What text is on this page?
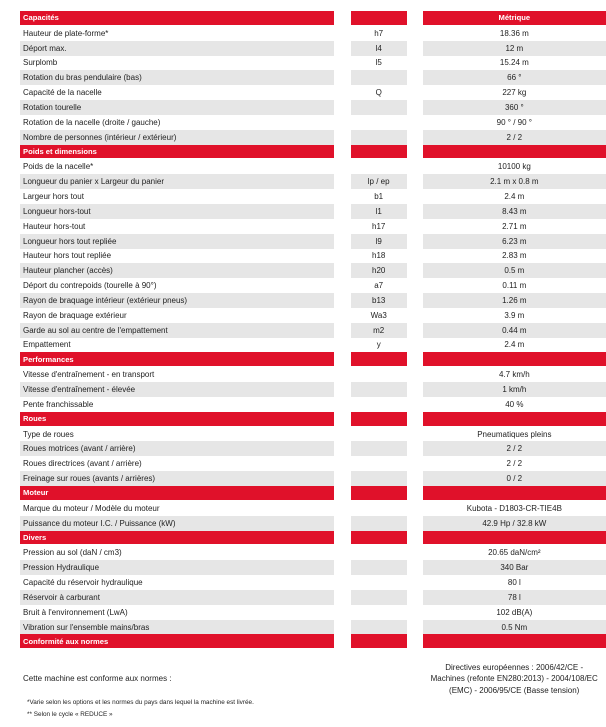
Capacités	Métrique
Hauteur de plate-forme*	h7	18.36 m
Déport max.	l4	12 m
Surplomb	l5	15.24 m
Rotation du bras pendulaire (bas)	66 °
Capacité de la nacelle	Q	227 kg
Rotation tourelle	360 °
Rotation de la nacelle (droite / gauche)	90 ° / 90 °
Nombre de personnes (intérieur / extérieur)	2 / 2
Poids et dimensions
Poids de la nacelle*	10100 kg
Longueur du panier x Largeur du panier	lp / ep	2.1 m x 0.8 m
Largeur hors tout	b1	2.4 m
Longueur hors-tout	l1	8.43 m
Hauteur hors-tout	h17	2.71 m
Longueur hors tout repliée	l9	6.23 m
Hauteur hors tout repliée	h18	2.83 m
Hauteur plancher (accès)	h20	0.5 m
Déport du contrepoids (tourelle à 90°)	a7	0.11 m
Rayon de braquage intérieur (extérieur pneus)	b13	1.26 m
Rayon de braquage extérieur	Wa3	3.9 m
Garde au sol au centre de l'empattement	m2	0.44 m
Empattement	y	2.4 m
Performances
Vitesse d'entraînement - en transport	4.7 km/h
Vitesse d'entraînement - élevée	1 km/h
Pente franchissable	40 %
Roues
Type de roues	Pneumatiques pleins
Roues motrices (avant / arrière)	2 / 2
Roues directrices (avant / arrière)	2 / 2
Freinage sur roues (avants / arrières)	0 / 2
Moteur
Marque du moteur / Modèle du moteur	Kubota - D1803-CR-TIE4B
Puissance du moteur I.C. / Puissance (kW)	42.9 Hp / 32.8 kW
Divers
Pression au sol (daN / cm3)	20.65 daN/cm²
Pression Hydraulique	340 Bar
Capacité du réservoir hydraulique	80 l
Réservoir à carburant	78 l
Bruit à l'environnement (LwA)	102 dB(A)
Vibration sur l'ensemble mains/bras	0.5 Nm
Conformité aux normes
Cette machine est conforme aux normes :
Directives européennes : 2006/42/CE - Machines (refonte EN280:2013) - 2004/108/EC (EMC) - 2006/95/CE (Basse tension)
*Varie selon les options et les normes du pays dans lequel la machine est livrée.
** Selon le cycle « REDUCE »
